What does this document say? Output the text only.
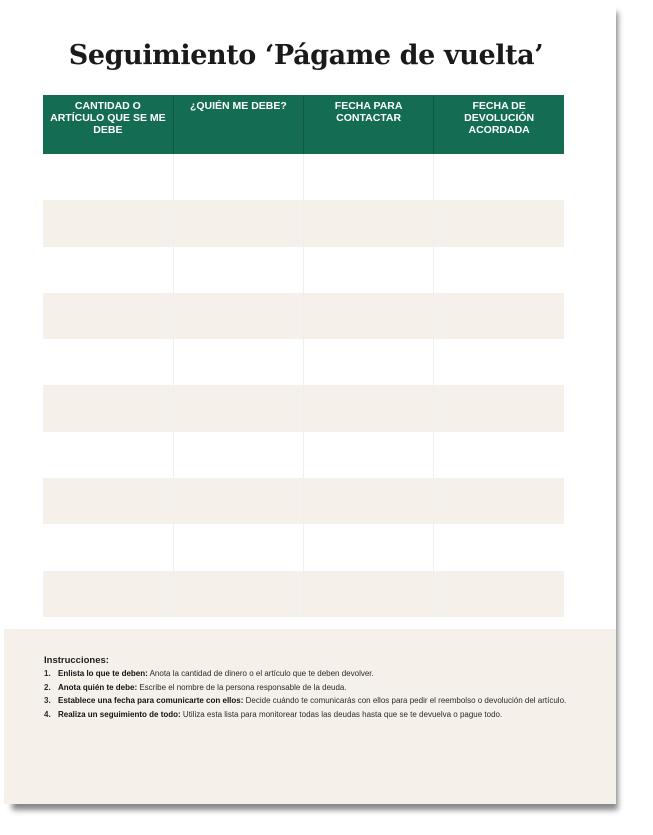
Seguimiento ‘Págame de vuelta’
CANTIDAD O ARTÍCULO QUE SE ME DEBE	¿QUIÉN ME DEBE?	FECHA PARA CONTACTAR	FECHA DE DEVOLUCIÓN ACORDADA

Instrucciones:
1. Enlista lo que te deben: Anota la cantidad de dinero o el artículo que te deben devolver.
2. Anota quién te debe: Escribe el nombre de la persona responsable de la deuda.
3. Establece una fecha para comunicarte con ellos: Decide cuándo te comunicarás con ellos para pedir el reembolso o devolución del artículo.
4. Realiza un seguimiento de todo: Utiliza esta lista para monitorear todas las deudas hasta que se te devuelva o pague todo.
